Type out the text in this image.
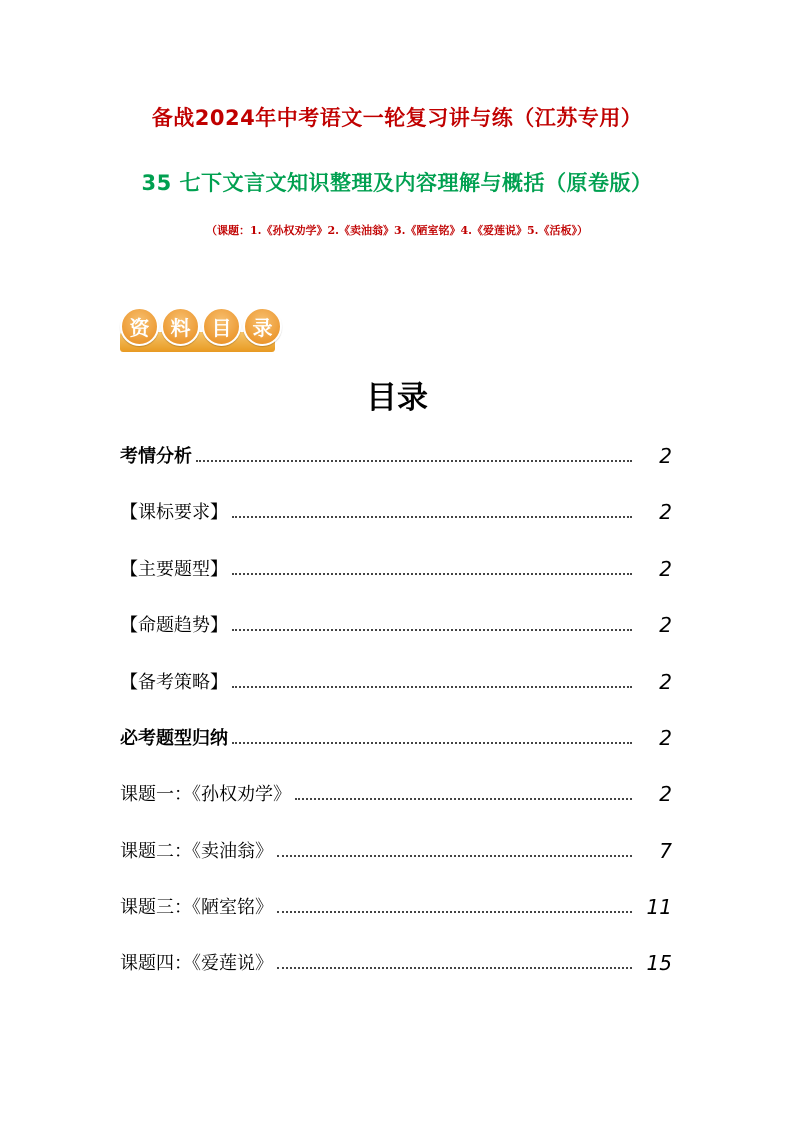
备战2024年中考语文一轮复习讲与练（江苏专用）
35 七下文言文知识整理及内容理解与概括（原卷版）
（课题：1.《孙权劝学》2.《卖油翁》3.《陋室铭》4.《爱莲说》5.《活板》）
资	料	目	录
目录
考情分析	2
【课标要求】	2
【主要题型】	2
【命题趋势】	2
【备考策略】	2
必考题型归纳	2
课题一：《孙权劝学》	2
课题二：《卖油翁》	7
课题三：《陋室铭》	11
课题四：《爱莲说》	15
